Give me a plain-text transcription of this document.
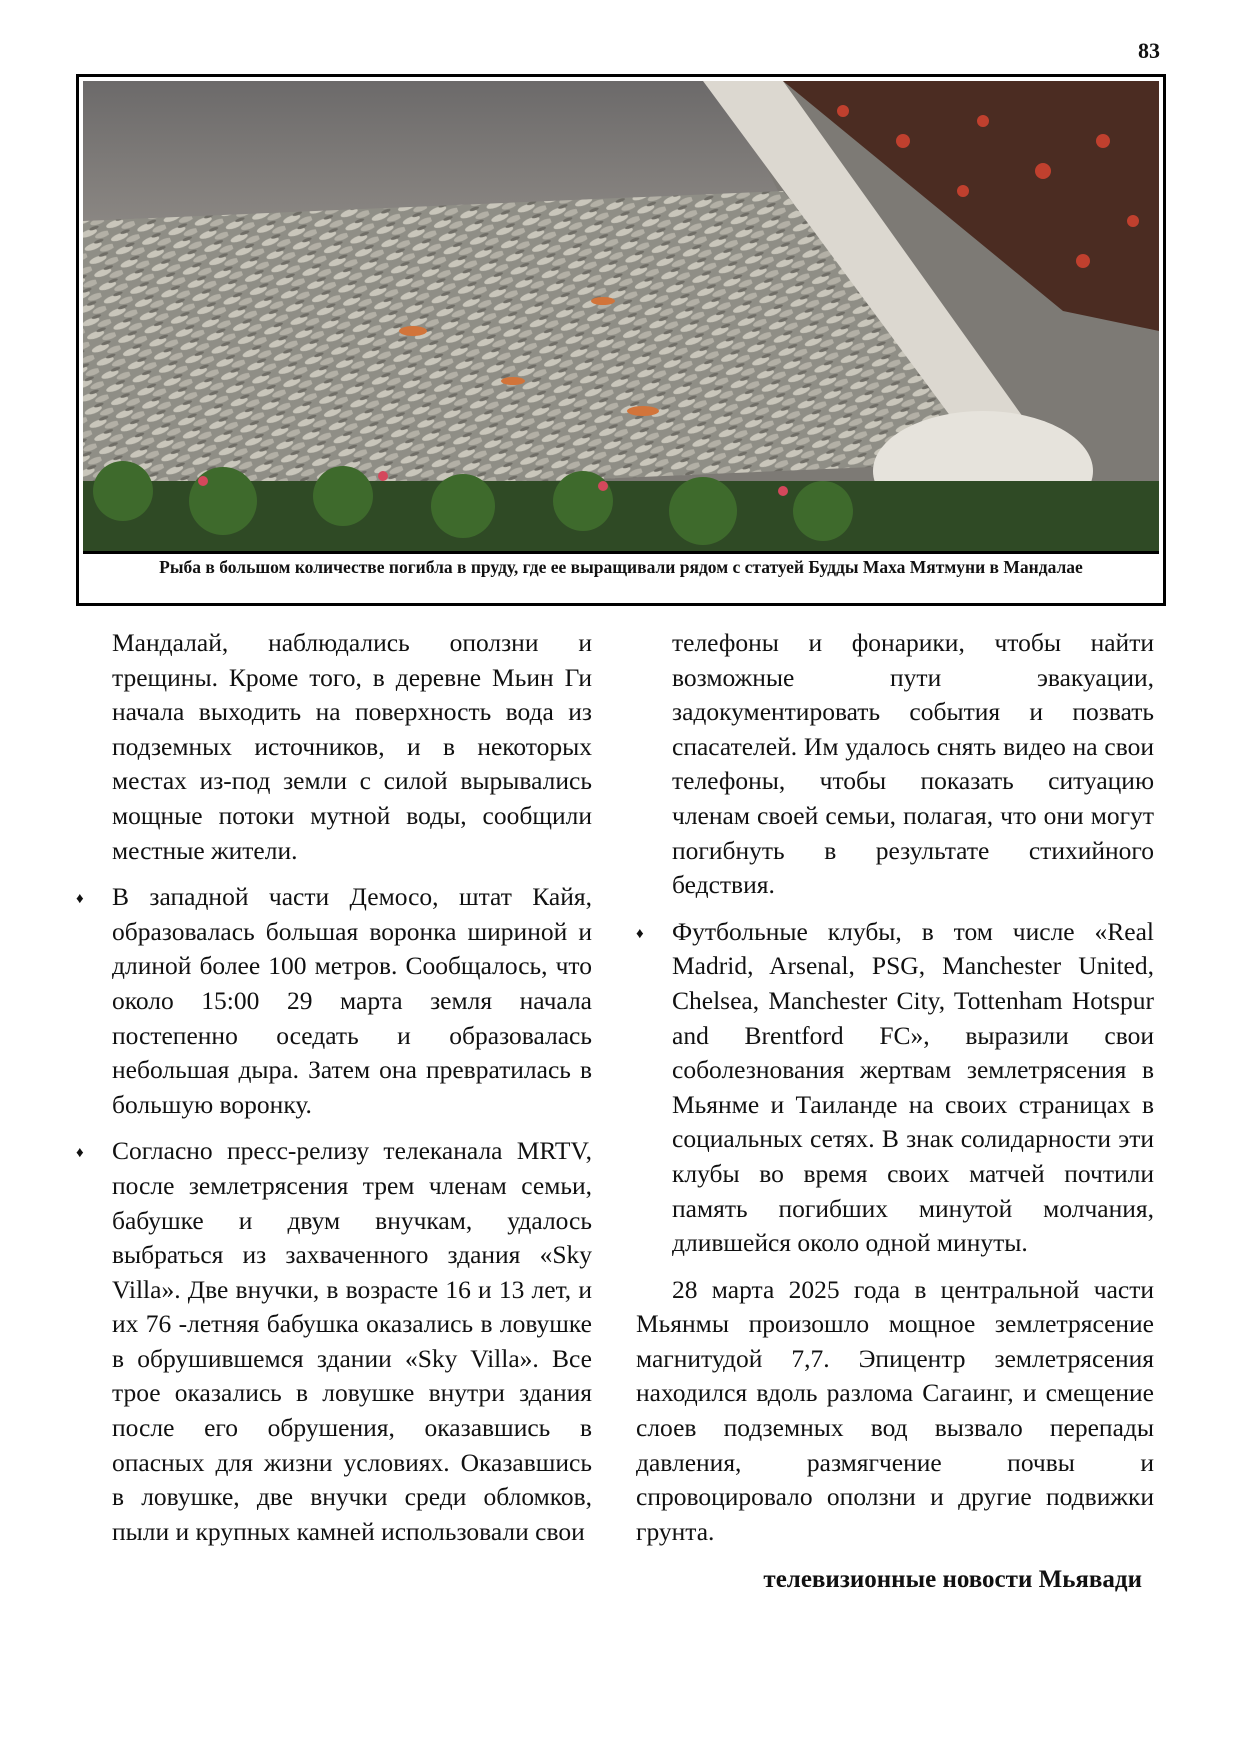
83
Рыба в большом количестве погибла в пруду, где ее выращивали рядом с статуей Будды Маха Мятмуни в Мандалае

Мандалай, наблюдались оползни и трещины. Кроме того, в деревне Мьин Ги начала выходить на поверхность вода из подземных источников, и в некоторых местах из-под земли с силой вырывались мощные потоки мутной воды, сообщили местные жители.

♦ В западной части Демосо, штат Кайя, образовалась большая воронка шириной и длиной более 100 метров. Сообщалось, что около 15:00 29 марта земля начала постепенно оседать и образовалась небольшая дыра. Затем она превратилась в большую воронку.

♦ Согласно пресс-релизу телеканала MRTV, после землетрясения трем членам семьи, бабушке и двум внучкам, удалось выбраться из захваченного здания «Sky Villa». Две внучки, в возрасте 16 и 13 лет, и их 76 -летняя бабушка оказались в ловушке в обрушившемся здании «Sky Villa». Все трое оказались в ловушке внутри здания после его обрушения, оказавшись в опасных для жизни условиях. Оказавшись в ловушке, две внучки среди обломков, пыли и крупных камней использовали свои

телефоны и фонарики, чтобы найти возможные пути эвакуации, задокументировать события и позвать спасателей. Им удалось снять видео на свои телефоны, чтобы показать ситуацию членам своей семьи, полагая, что они могут погибнуть в результате стихийного бедствия.

♦ Футбольные клубы, в том числе «Real Madrid, Arsenal, PSG, Manchester United, Chelsea, Manchester City, Tottenham Hotspur and Brentford FC», выразили свои соболезнования жертвам землетрясения в Мьянме и Таиланде на своих страницах в социальных сетях. В знак солидарности эти клубы во время своих матчей почтили память погибших минутой молчания, длившейся около одной минуты.

28 марта 2025 года в центральной части Мьянмы произошло мощное землетрясение магнитудой 7,7. Эпицентр землетрясения находился вдоль разлома Сагаинг, и смещение слоев подземных вод вызвало перепады давления, размягчение почвы и спровоцировало оползни и другие подвижки грунта.

телевизионные новости Мьявади
